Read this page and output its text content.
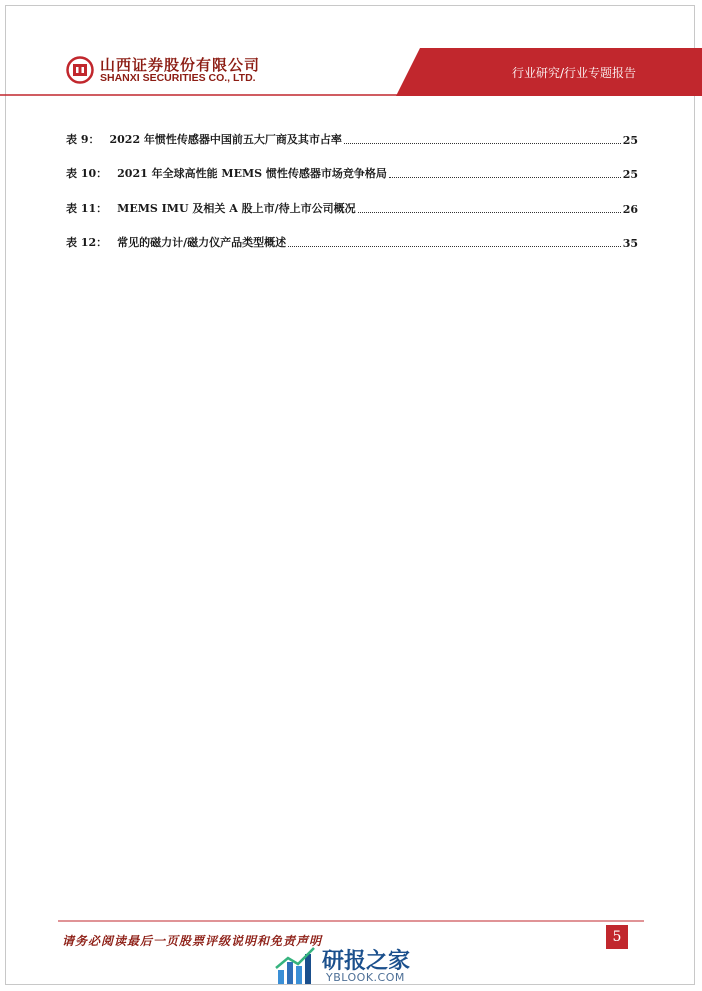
山西证券股份有限公司
SHANXI SECURITIES CO., LTD.	行业研究/行业专题报告
表 9： 2022 年惯性传感器中国前五大厂商及其市占率	25
表 10： 2021 年全球高性能 MEMS 惯性传感器市场竞争格局	25
表 11： MEMS IMU 及相关 A 股上市/待上市公司概况	26
表 12： 常见的磁力计/磁力仪产品类型概述	35
请务必阅读最后一页股票评级说明和免责声明	5
研报之家
YBLOOK.COM
